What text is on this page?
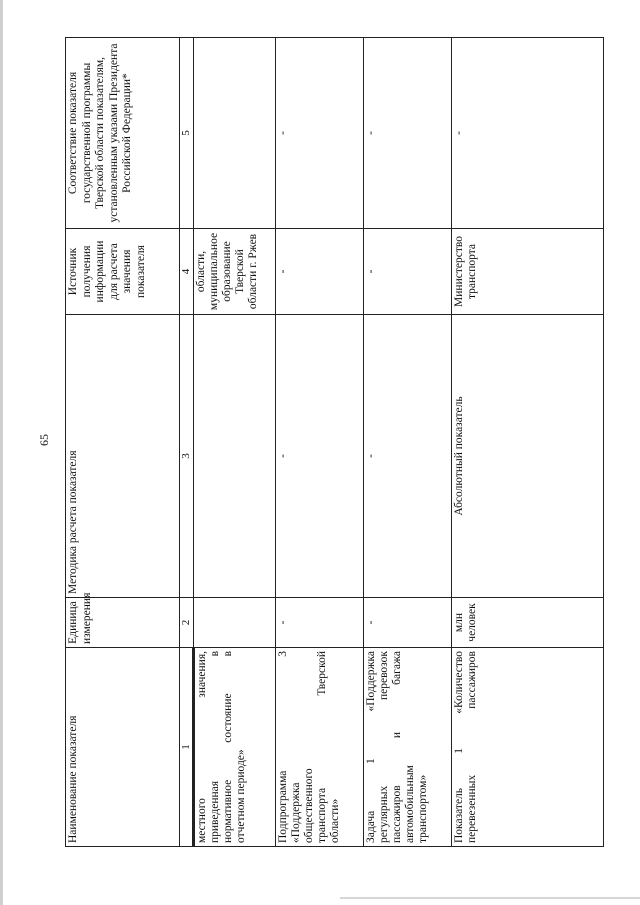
65
Наименование показателя	Единица измерения	Методика расчета показателя	Источник получения информации для расчета значения показателя	Соответствие показателя государственной программы Тверской области показателям, установленным указами Президента Российской Федерации*
1	2	3	4	5

местного значения, приведенная в нормативное состояние в отчетном периоде»			области, муниципальное образование Тверской области г. Ржев	

Подпрограмма 3 «Поддержка общественного транспорта Тверской области»	-	-	-	-

Задача 1 «Поддержка регулярных перевозок пассажиров и багажа автомобильным транспортом»	-	-	-	-

Показатель 1 «Количество перевезенных пассажиров	млн человек	Абсолютный показатель	Министерство транспорта	-
